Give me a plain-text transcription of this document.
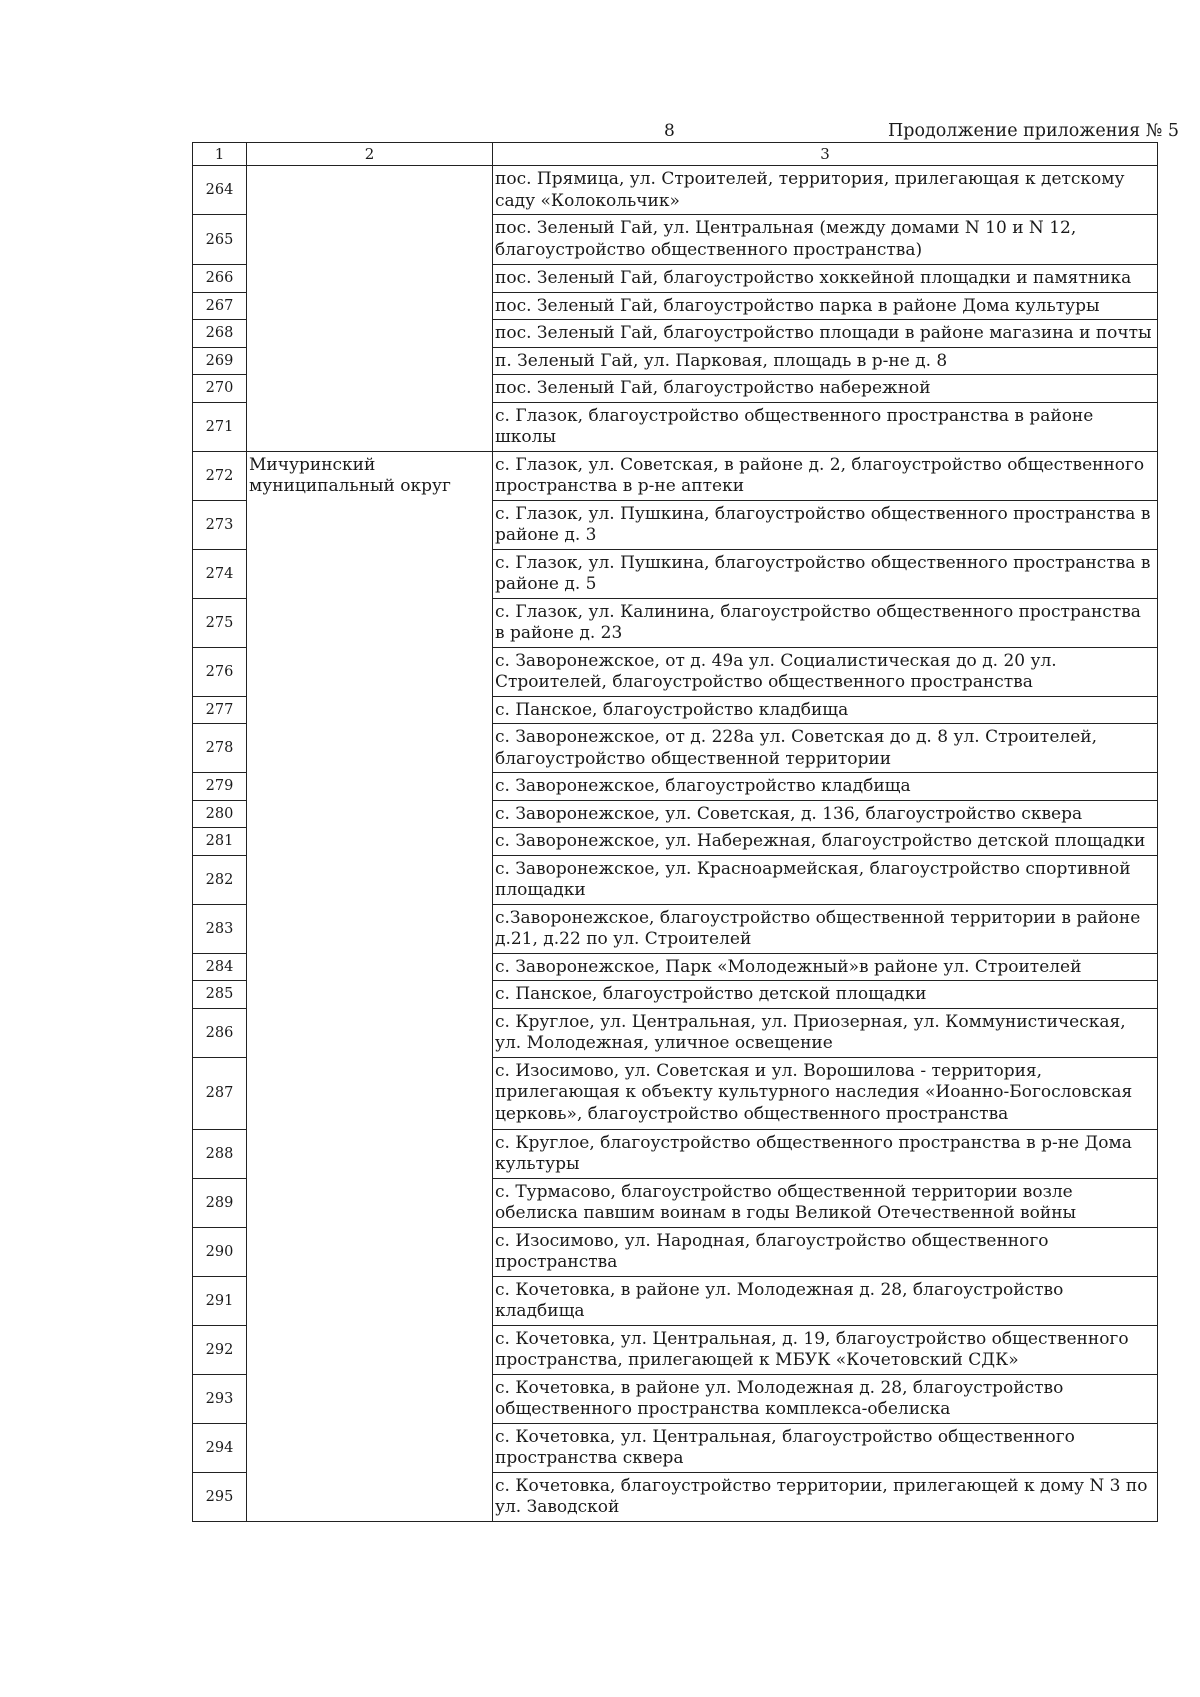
8	Продолжение приложения № 5
1	2	3
264		пос. Прямица, ул. Строителей, территория, прилегающая к детскому саду «Колокольчик»
265		пос. Зеленый Гай, ул. Центральная (между домами N 10 и N 12, благоустройство общественного пространства)
266		пос. Зеленый Гай, благоустройство хоккейной площадки и памятника
267		пос. Зеленый Гай, благоустройство парка в районе Дома культуры
268		пос. Зеленый Гай, благоустройство площади в районе магазина и почты
269		п. Зеленый Гай, ул. Парковая, площадь в р-не д. 8
270		пос. Зеленый Гай, благоустройство набережной
271		с. Глазок, благоустройство общественного пространства в районе школы
272	Мичуринский муниципальный округ	с. Глазок, ул. Советская, в районе д. 2, благоустройство общественного пространства в р-не аптеки
273		с. Глазок, ул. Пушкина, благоустройство общественного пространства в районе д. 3
274		с. Глазок, ул. Пушкина, благоустройство общественного пространства в районе д. 5
275		с. Глазок, ул. Калинина, благоустройство общественного пространства в районе д. 23
276		с. Заворонежское, от д. 49а ул. Социалистическая до д. 20 ул. Строителей, благоустройство общественного пространства
277		с. Панское, благоустройство кладбища
278		с. Заворонежское, от д. 228а ул. Советская до д. 8 ул. Строителей, благоустройство общественной территории
279		с. Заворонежское, благоустройство кладбища
280		с. Заворонежское, ул. Советская, д. 136, благоустройство сквера
281		с. Заворонежское, ул. Набережная, благоустройство детской площадки
282		с. Заворонежское, ул. Красноармейская, благоустройство спортивной площадки
283		с.Заворонежское, благоустройство общественной территории в районе д.21, д.22 по ул. Строителей
284		с. Заворонежское, Парк «Молодежный»в районе ул. Строителей
285		с. Панское, благоустройство детской площадки
286		с. Круглое, ул. Центральная, ул. Приозерная, ул. Коммунистическая, ул. Молодежная, уличное освещение
287		с. Изосимово, ул. Советская и ул. Ворошилова - территория, прилегающая к объекту культурного наследия «Иоанно-Богословская церковь», благоустройство общественного пространства
288		с. Круглое, благоустройство общественного пространства в р-не Дома культуры
289		с. Турмасово, благоустройство общественной территории возле обелиска павшим воинам в годы Великой Отечественной войны
290		с. Изосимово, ул. Народная, благоустройство общественного пространства
291		с. Кочетовка, в районе ул. Молодежная д. 28, благоустройство кладбища
292		с. Кочетовка, ул. Центральная, д. 19, благоустройство общественного пространства, прилегающей к МБУК «Кочетовский СДК»
293		с. Кочетовка, в районе ул. Молодежная д. 28, благоустройство общественного пространства комплекса-обелиска
294		с. Кочетовка, ул. Центральная, благоустройство общественного пространства сквера
295		с. Кочетовка, благоустройство территории, прилегающей к дому N 3 по ул. Заводской
